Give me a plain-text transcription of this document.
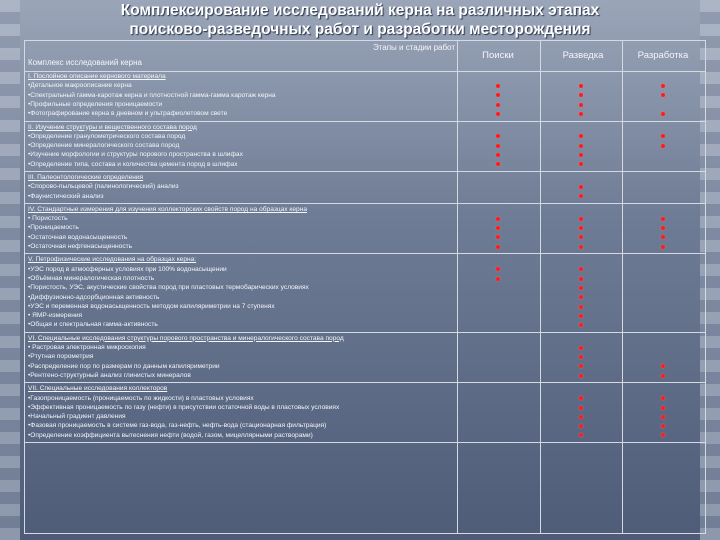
Комплексирование исследований керна на различных этапах
поисково-разведочных работ и разработки месторождения
Этапы и стадии работ
Комплекс исследований керна
Поиски	Разведка	Разработка
I. Послойное описание кернового материала
•Детальное макроописание керна
•Спектральный гамма-каротаж керна и плотностной гамма-гамма каротаж керна
•Профильные определения проницаемости
•Фотографирование керна в дневном и ультрафиолетовом свете
II. Изучение структуры и вещественного состава пород
•Определение гранулометрического состава пород
•Определение минералогического состава пород
•Изучение морфологии и структуры порового пространства в шлифах
•Определение типа, состава и количества цемента пород в шлифах
III. Палеонтологические определения
•Спорово-пыльцевой (палинологический) анализ
•Фаунистический анализ
IV. Стандартные измерения для изучения коллекторских свойств пород на образцах керна
• Пористость
•Проницаемость
•Остаточная водонасыщенность
•Остаточная нефтенасыщенность
V. Петрофизические исследования на образцах керна:
•УЭС пород в атмосферных условиях при 100% водонасыщении
•Объёмная минералогическая плотность
•Пористость, УЭС, акустические свойства пород при пластовых термобарических условиях
•Диффузионно-адсорбционная активность
•УЭС и переменная водонасыщенность методом капиляриметрии на 7 ступенях
• ЯМР-измерения
•Общая и спектральная гамма-активность
VI. Специальные исследования структуры порового пространства и минералогического состава пород
• Растровая электронная микроскопия
•Ртутная порометрия
•Распределение пор по размерам по данным капиляриметрии
•Рентгено-структурный анализ глинистых минералов
VII. Специальные исследования коллекторов
•Газопроницаемость (проницаемость по жидкости) в пластовых условиях
•Эффективная проницаемость по газу (нефти) в присутствии остаточной воды в пластовых условиях
•Начальный градиент давления
•Фазовая проницаемость в системе газ-вода, газ-нефть, нефть-вода (стационарная фильтрация)
•Определение коэффициента вытеснения нефти (водой, газом, мицеллярными растворами)
